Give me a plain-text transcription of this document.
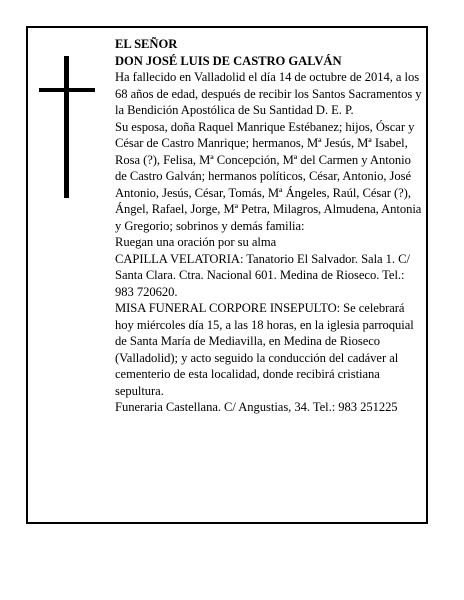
EL SEÑOR

DON JOSÉ LUIS DE CASTRO GALVÁN

Ha fallecido en Valladolid el día 14 de octubre de 2014, a los 68 años de edad, después de recibir los Santos Sacramentos y la Bendición Apostólica de Su Santidad D. E. P.

Su esposa, doña Raquel Manrique Estébanez; hijos, Óscar y César de Castro Manrique; hermanos, Mª Jesús, Mª Isabel, Rosa (?), Felisa, Mª Concepción, Mª del Carmen y Antonio de Castro Galván; hermanos políticos, César, Antonio, José Antonio, Jesús, César, Tomás, Mª Ángeles, Raúl, César (?), Ángel, Rafael, Jorge, Mª Petra, Milagros, Almudena, Antonia y Gregorio; sobrinos y demás familia:

Ruegan una oración por su alma

CAPILLA VELATORIA: Tanatorio El Salvador. Sala 1. C/ Santa Clara. Ctra. Nacional 601. Medina de Rioseco. Tel.: 983 720620.

MISA FUNERAL CORPORE INSEPULTO: Se celebrará hoy miércoles día 15, a las 18 horas, en la iglesia parroquial de Santa María de Mediavilla, en Medina de Rioseco (Valladolid); y acto seguido la conducción del cadáver al cementerio de esta localidad, donde recibirá cristiana sepultura.

Funeraria Castellana. C/ Angustias, 34. Tel.: 983 251225
